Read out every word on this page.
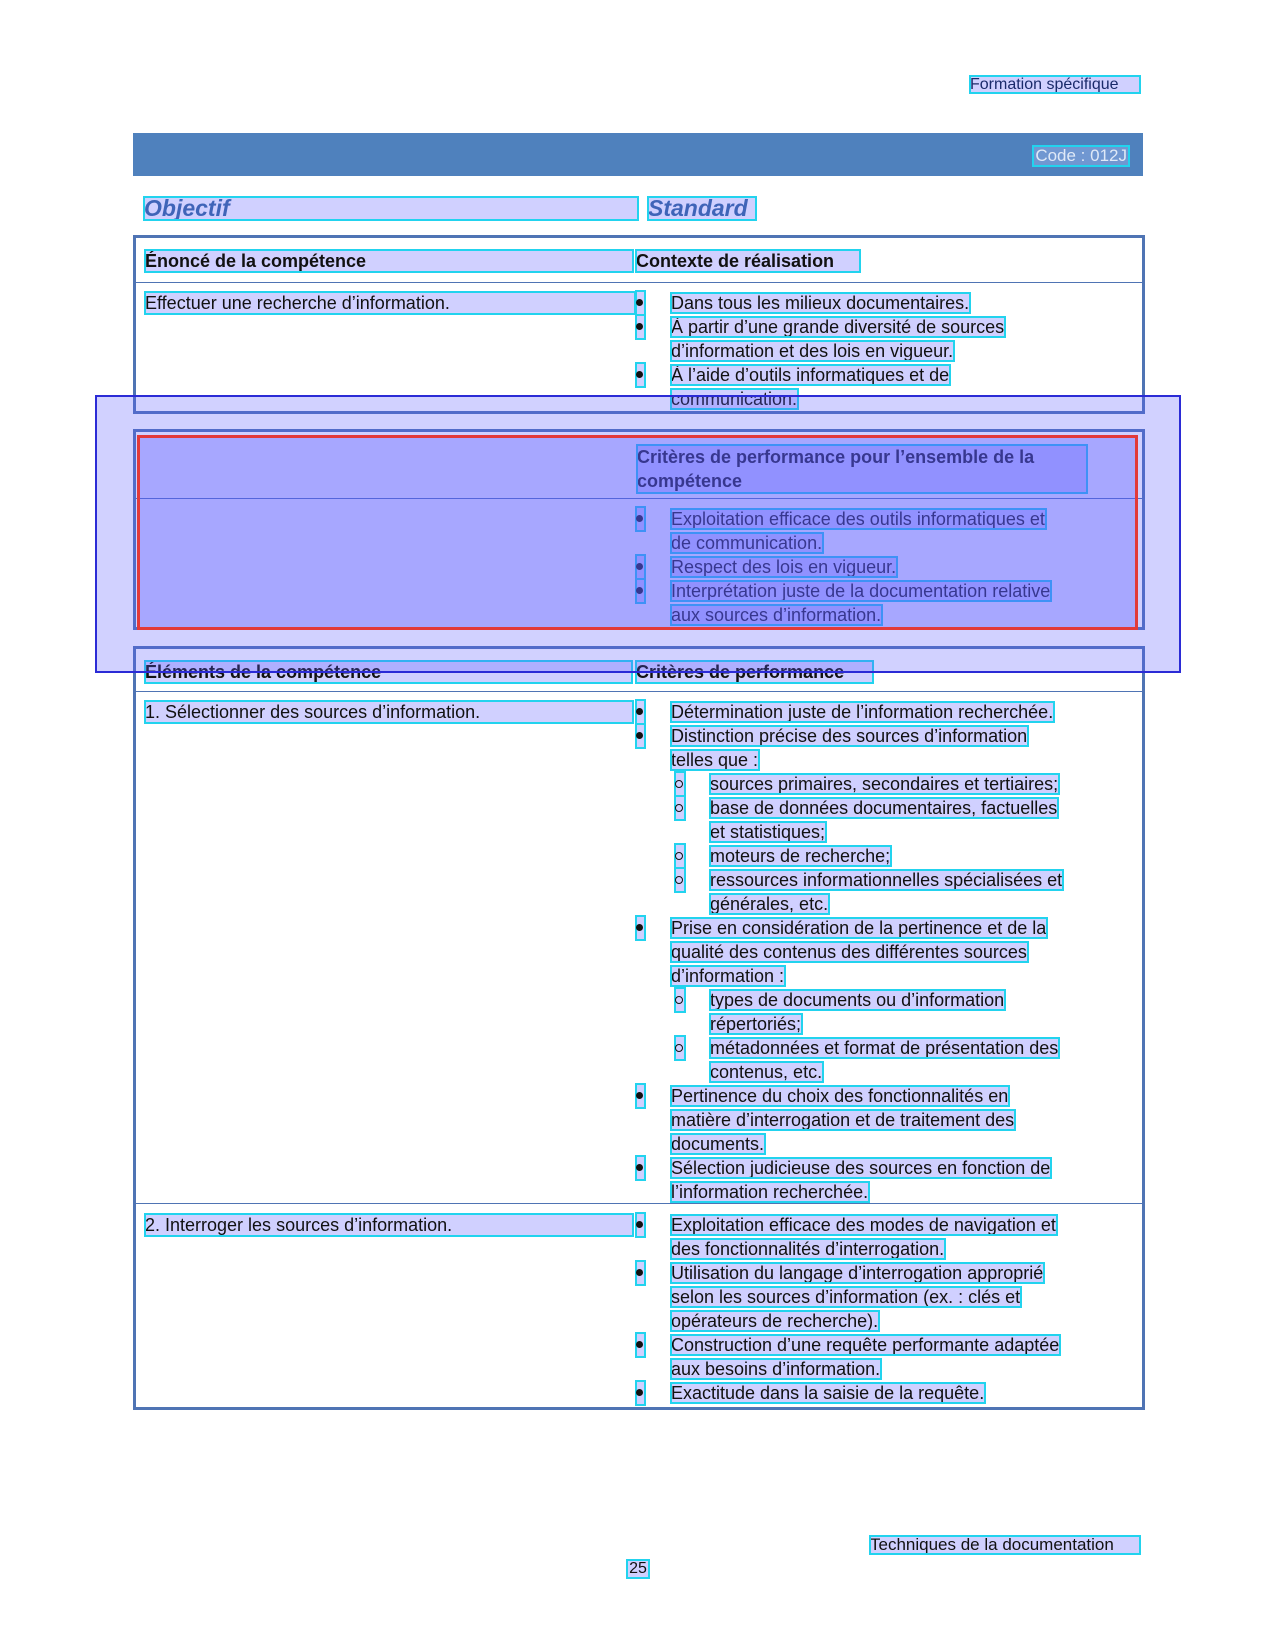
Formation spécifique
Code : 012J
Objectif	Standard
Énoncé de la compétence	Contexte de réalisation
Effectuer une recherche d’information.	Dans tous les milieux documentaires.
À partir d’une grande diversité de sources
d’information et des lois en vigueur.
À l’aide d’outils informatiques et de
communication.
Critères de performance pour l’ensemble de la
compétence
Exploitation efficace des outils informatiques et
de communication.
Respect des lois en vigueur.
Interprétation juste de la documentation relative
aux sources d’information.
Éléments de la compétence	Critères de performance
1. Sélectionner des sources d’information.	Détermination juste de l’information recherchée.
Distinction précise des sources d’information
telles que :
sources primaires, secondaires et tertiaires;
base de données documentaires, factuelles
et statistiques;
moteurs de recherche;
ressources informationnelles spécialisées et
générales, etc.
Prise en considération de la pertinence et de la
qualité des contenus des différentes sources
d’information :
types de documents ou d’information
répertoriés;
métadonnées et format de présentation des
contenus, etc.
Pertinence du choix des fonctionnalités en
matière d’interrogation et de traitement des
documents.
Sélection judicieuse des sources en fonction de
l’information recherchée.
2. Interroger les sources d’information.	Exploitation efficace des modes de navigation et
des fonctionnalités d’interrogation.
Utilisation du langage d’interrogation approprié
selon les sources d’information (ex. : clés et
opérateurs de recherche).
Construction d’une requête performante adaptée
aux besoins d’information.
Exactitude dans la saisie de la requête.
Techniques de la documentation
25
